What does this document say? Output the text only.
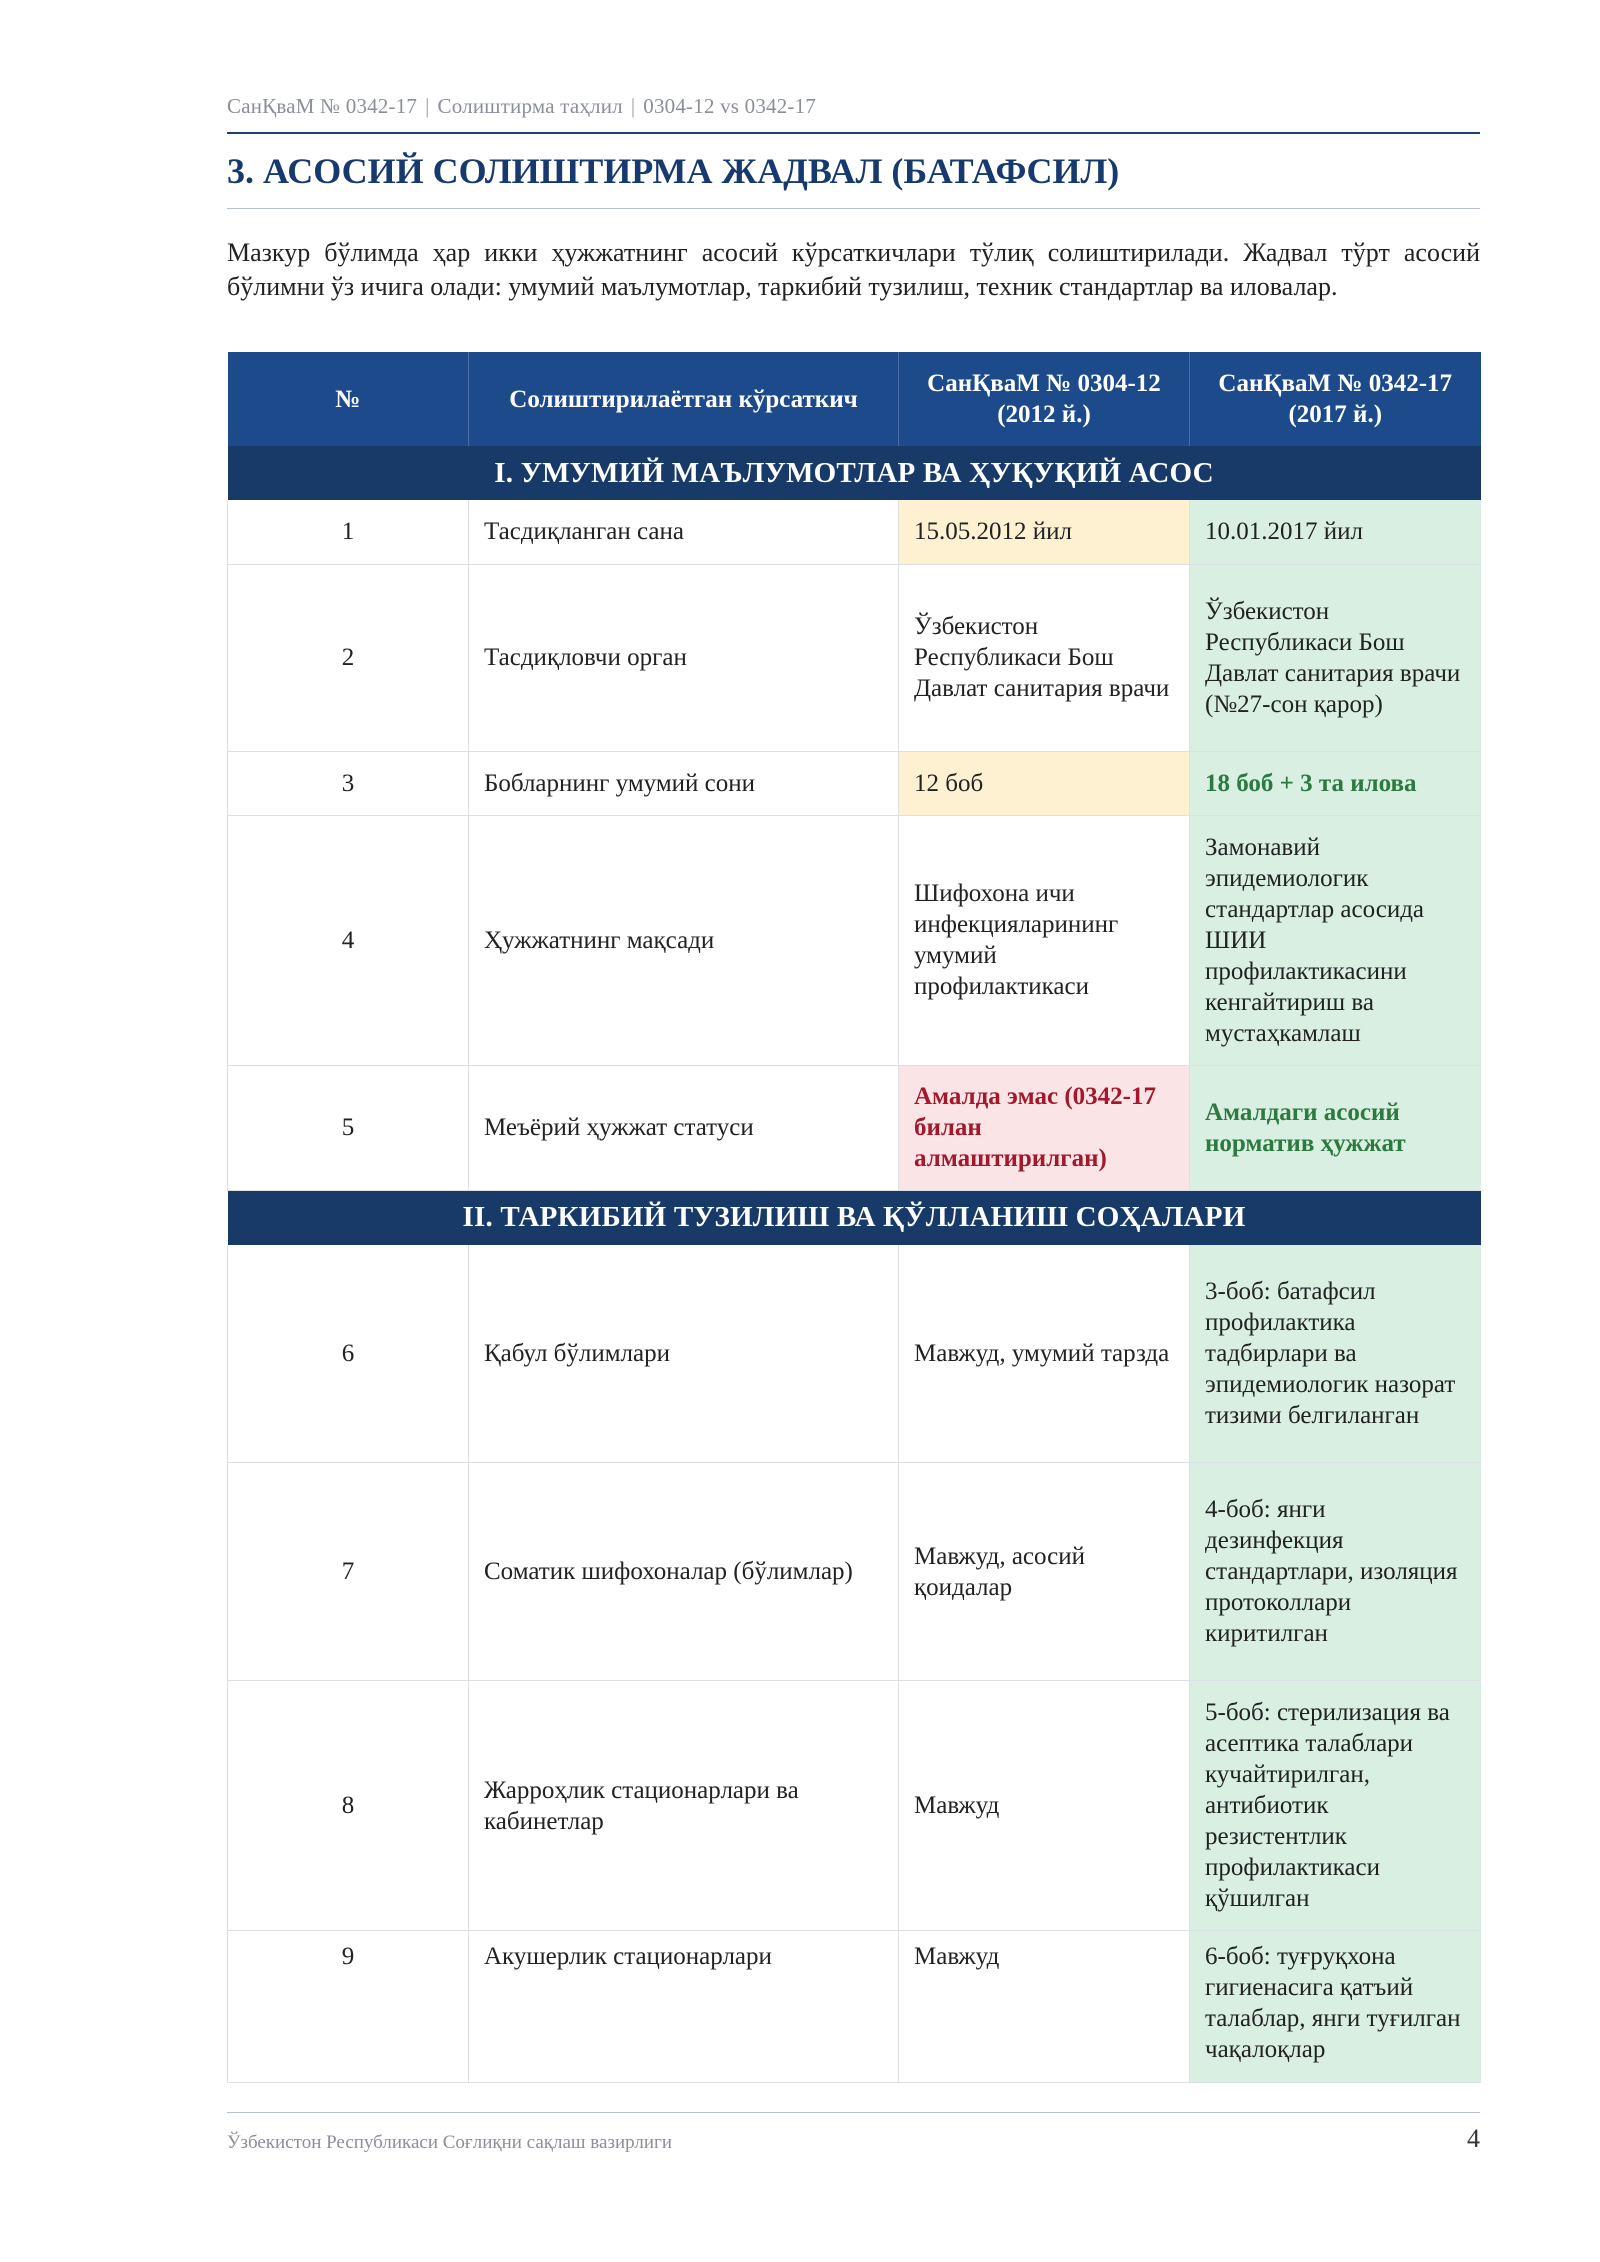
СанҚваМ № 0342-17 | Солиштирма таҳлил | 0304-12 vs 0342-17
3. АСОСИЙ СОЛИШТИРМА ЖАДВАЛ (БАТАФСИЛ)

Мазкур бўлимда ҳар икки ҳужжатнинг асосий кўрсаткичлари тўлиқ солиштирилади. Жадвал тўрт асосий бўлимни ўз ичига олади: умумий маълумотлар, таркибий тузилиш, техник стандартлар ва иловалар.

№	Солиштирилаётган кўрсаткич	СанҚваМ № 0304-12 (2012 й.)	СанҚваМ № 0342-17 (2017 й.)
I. УМУМИЙ МАЪЛУМОТЛАР ВА ҲУҚУҚИЙ АСОС			
1	Тасдиқланган сана	15.05.2012 йил	10.01.2017 йил
2	Тасдиқловчи орган	Ўзбекистон Республикаси Бош Давлат санитария врачи	Ўзбекистон Республикаси Бош Давлат санитария врачи (№27-сон қарор)
3	Бобларнинг умумий сони	12 боб	18 боб + 3 та илова
4	Ҳужжатнинг мақсади	Шифохона ичи инфекцияларининг умумий профилактикаси	Замонавий эпидемиологик стандартлар асосида ШИИ профилактикасини кенгайтириш ва мустаҳкамлаш
5	Меъёрий ҳужжат статуси	Амалда эмас (0342-17 билан алмаштирилган)	Амалдаги асосий норматив ҳужжат
II. ТАРКИБИЙ ТУЗИЛИШ ВА ҚЎЛЛАНИШ СОҲАЛАРИ			
6	Қабул бўлимлари	Мавжуд, умумий тарзда	3-боб: батафсил профилактика тадбирлари ва эпидемиологик назорат тизими белгиланган
7	Соматик шифохоналар (бўлимлар)	Мавжуд, асосий қоидалар	4-боб: янги дезинфекция стандартлари, изоляция протоколлари киритилган
8	Жарроҳлик стационарлари ва кабинетлар	Мавжуд	5-боб: стерилизация ва асептика талаблари кучайтирилган, антибиотик резистентлик профилактикаси қўшилган
9	Акушерлик стационарлари	Мавжуд	6-боб: туғруқхона гигиенасига қатъий талаблар, янги туғилган чақалоқлар
Ўзбекистон Республикаси Соғлиқни сақлаш вазирлиги	4
